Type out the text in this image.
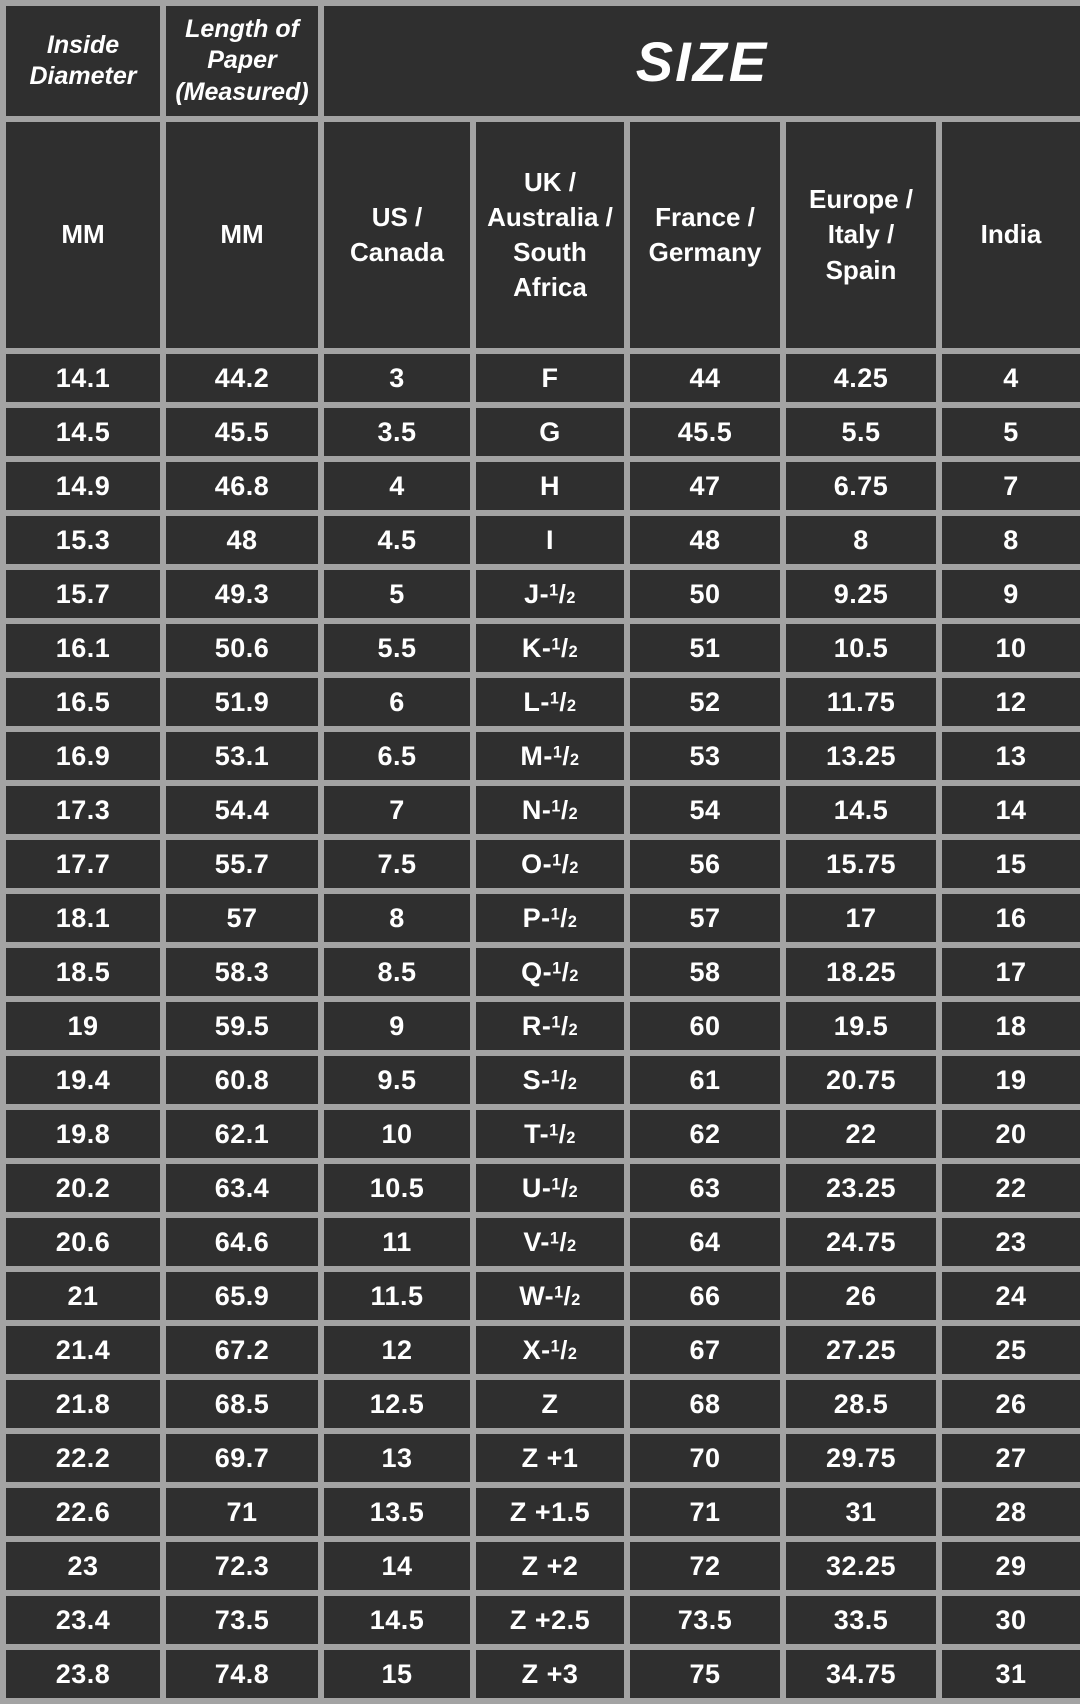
Inside Diameter	Length of Paper (Measured)	SIZE				
MM	MM	US / Canada	UK / Australia / South Africa	France / Germany	Europe / Italy / Spain	India
14.1	44.2	3	F	44	4.25	4
14.5	45.5	3.5	G	45.5	5.5	5
14.9	46.8	4	H	47	6.75	7
15.3	48	4.5	I	48	8	8
15.7	49.3	5	J-$^1$/2	50	9.25	9
16.1	50.6	5.5	K-$^1$/2	51	10.5	10
16.5	51.9	6	L-$^1$/2	52	11.75	12
16.9	53.1	6.5	M-$^1$/2	53	13.25	13
17.3	54.4	7	N-$^1$/2	54	14.5	14
17.7	55.7	7.5	O-$^1$/2	56	15.75	15
18.1	57	8	P-$^1$/2	57	17	16
18.5	58.3	8.5	Q-$^1$/2	58	18.25	17
19	59.5	9	R-$^1$/2	60	19.5	18
19.4	60.8	9.5	S-$^1$/2	61	20.75	19
19.8	62.1	10	T-$^1$/2	62	22	20
20.2	63.4	10.5	U-$^1$/2	63	23.25	22
20.6	64.6	11	V-$^1$/2	64	24.75	23
21	65.9	11.5	W-$^1$/2	66	26	24
21.4	67.2	12	X-$^1$/2	67	27.25	25
21.8	68.5	12.5	Z	68	28.5	26
22.2	69.7	13	Z +1	70	29.75	27
22.6	71	13.5	Z +1.5	71	31	28
23	72.3	14	Z +2	72	32.25	29
23.4	73.5	14.5	Z +2.5	73.5	33.5	30
23.8	74.8	15	Z +3	75	34.75	31
